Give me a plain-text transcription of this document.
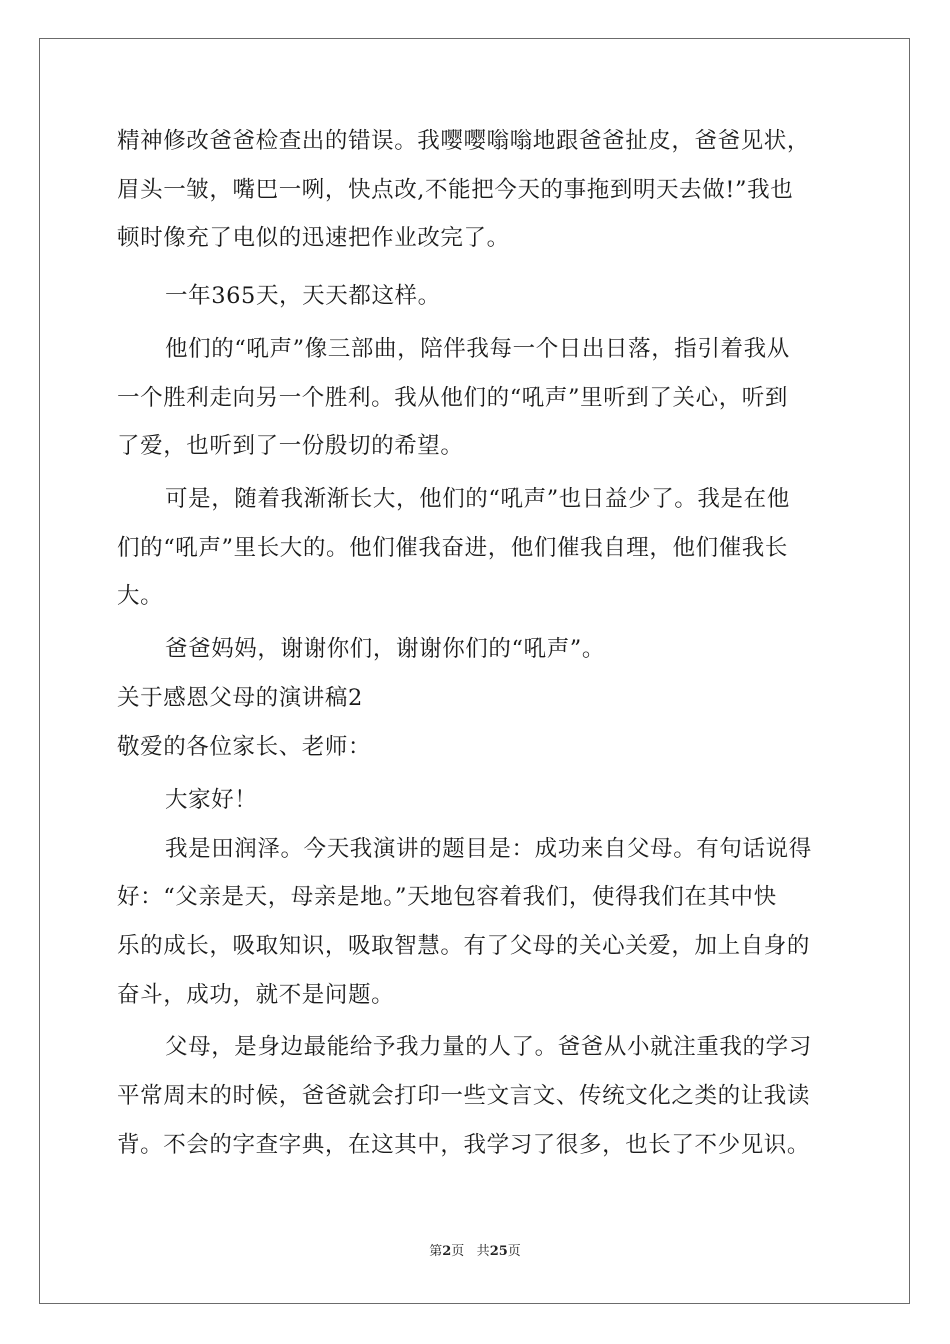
精神修改爸爸检查出的错误。我嘤嘤嗡嗡地跟爸爸扯皮，爸爸见状，
眉头一皱，嘴巴一咧，快点改,不能把今天的事拖到明天去做!”我也
顿时像充了电似的迅速把作业改完了。
一年365天，天天都这样。
他们的“吼声”像三部曲，陪伴我每一个日出日落，指引着我从
一个胜利走向另一个胜利。我从他们的“吼声”里听到了关心，听到
了爱，也听到了一份殷切的希望。
可是，随着我渐渐长大，他们的“吼声”也日益少了。我是在他
们的“吼声”里长大的。他们催我奋进，他们催我自理，他们催我长
大。
爸爸妈妈，谢谢你们，谢谢你们的“吼声”。
关于感恩父母的演讲稿2
敬爱的各位家长、老师：
大家好！
我是田润泽。今天我演讲的题目是：成功来自父母。有句话说得
好：“父亲是天，母亲是地。”天地包容着我们，使得我们在其中快
乐的成长，吸取知识，吸取智慧。有了父母的关心关爱，加上自身的
奋斗，成功，就不是问题。
父母，是身边最能给予我力量的人了。爸爸从小就注重我的学习
平常周末的时候，爸爸就会打印一些文言文、传统文化之类的让我读
背。不会的字查字典，在这其中，我学习了很多，也长了不少见识。
第2页 共25页
